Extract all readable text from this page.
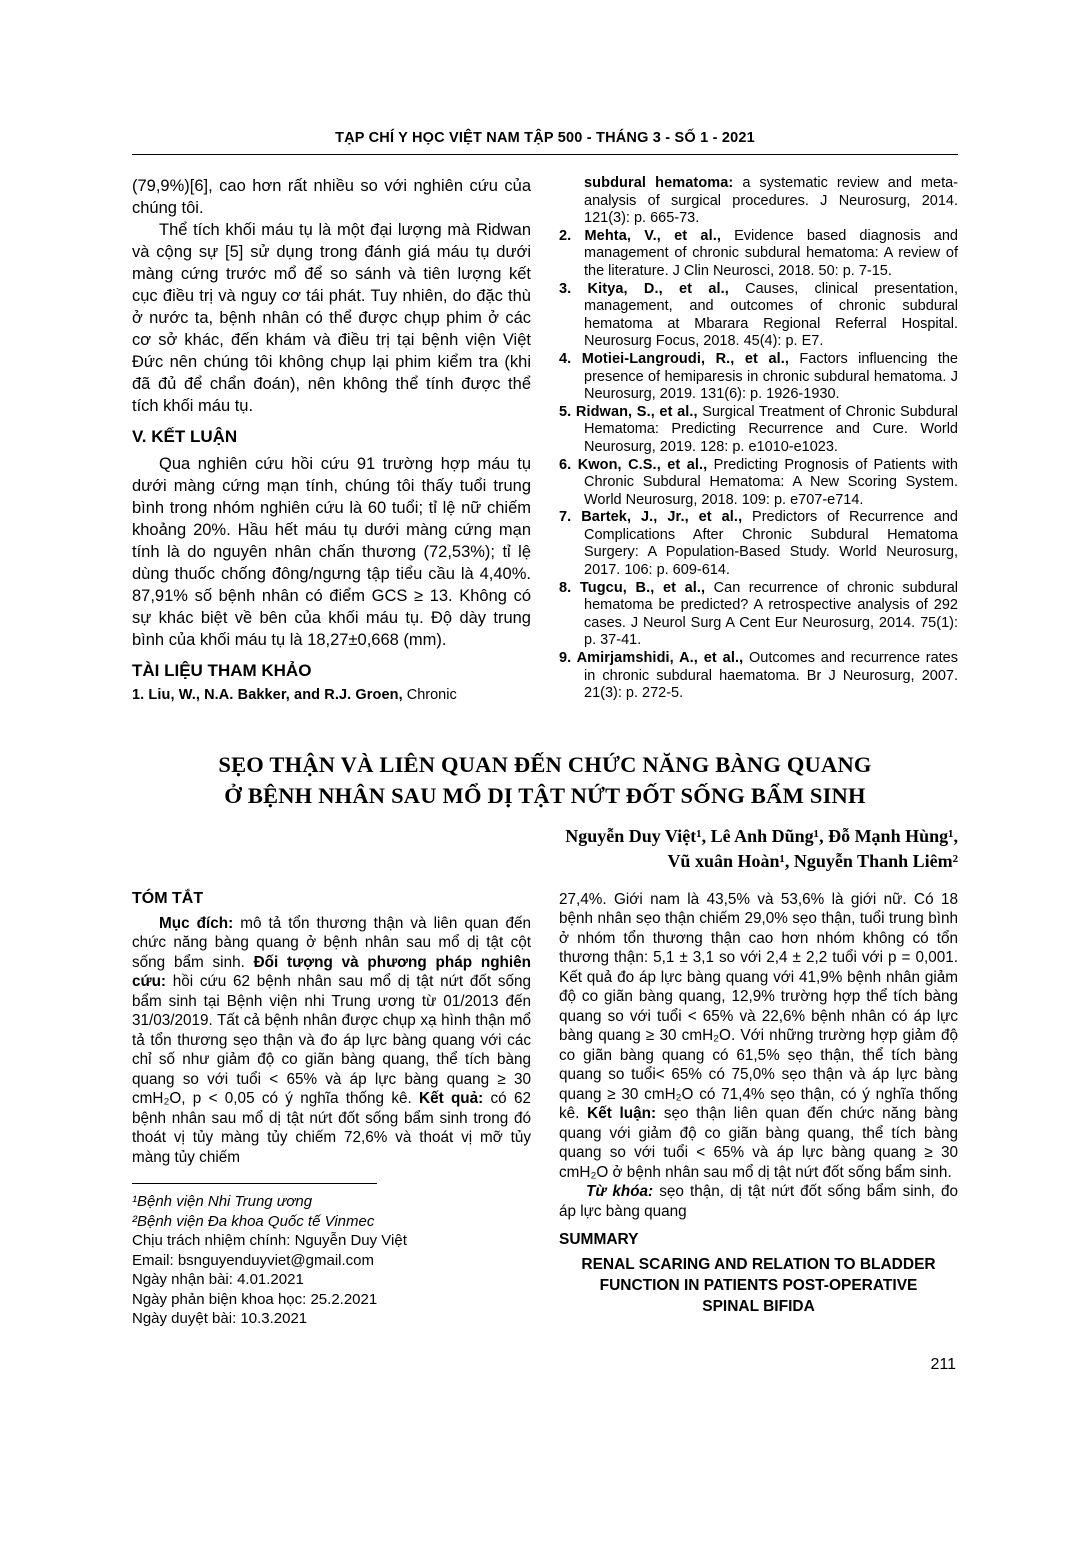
TẠP CHÍ Y HỌC VIỆT NAM TẬP 500 - THÁNG 3 - SỐ 1 - 2021

(79,9%)[6], cao hơn rất nhiều so với nghiên cứu của chúng tôi.

Thể tích khối máu tụ là một đại lượng mà Ridwan và cộng sự [5] sử dụng trong đánh giá máu tụ dưới màng cứng trước mổ để so sánh và tiên lượng kết cục điều trị và nguy cơ tái phát. Tuy nhiên, do đặc thù ở nước ta, bệnh nhân có thể được chụp phim ở các cơ sở khác, đến khám và điều trị tại bệnh viện Việt Đức nên chúng tôi không chụp lại phim kiểm tra (khi đã đủ để chẩn đoán), nên không thể tính được thể tích khối máu tụ.

V. KẾT LUẬN

Qua nghiên cứu hồi cứu 91 trường hợp máu tụ dưới màng cứng mạn tính, chúng tôi thấy tuổi trung bình trong nhóm nghiên cứu là 60 tuổi; tỉ lệ nữ chiếm khoảng 20%. Hầu hết máu tụ dưới màng cứng mạn tính là do nguyên nhân chấn thương (72,53%); tỉ lệ dùng thuốc chống đông/ngưng tập tiểu cầu là 4,40%. 87,91% số bệnh nhân có điểm GCS ≥ 13. Không có sự khác biệt về bên của khối máu tụ. Độ dày trung bình của khối máu tụ là 18,27±0,668 (mm).

TÀI LIỆU THAM KHẢO

1. Liu, W., N.A. Bakker, and R.J. Groen, Chronic

subdural hematoma: a systematic review and meta-analysis of surgical procedures. J Neurosurg, 2014. 121(3): p. 665-73.

2. Mehta, V., et al., Evidence based diagnosis and management of chronic subdural hematoma: A review of the literature. J Clin Neurosci, 2018. 50: p. 7-15.

3. Kitya, D., et al., Causes, clinical presentation, management, and outcomes of chronic subdural hematoma at Mbarara Regional Referral Hospital. Neurosurg Focus, 2018. 45(4): p. E7.

4. Motiei-Langroudi, R., et al., Factors influencing the presence of hemiparesis in chronic subdural hematoma. J Neurosurg, 2019. 131(6): p. 1926-1930.

5. Ridwan, S., et al., Surgical Treatment of Chronic Subdural Hematoma: Predicting Recurrence and Cure. World Neurosurg, 2019. 128: p. e1010-e1023.

6. Kwon, C.S., et al., Predicting Prognosis of Patients with Chronic Subdural Hematoma: A New Scoring System. World Neurosurg, 2018. 109: p. e707-e714.

7. Bartek, J., Jr., et al., Predictors of Recurrence and Complications After Chronic Subdural Hematoma Surgery: A Population-Based Study. World Neurosurg, 2017. 106: p. 609-614.

8. Tugcu, B., et al., Can recurrence of chronic subdural hematoma be predicted? A retrospective analysis of 292 cases. J Neurol Surg A Cent Eur Neurosurg, 2014. 75(1): p. 37-41.

9. Amirjamshidi, A., et al., Outcomes and recurrence rates in chronic subdural haematoma. Br J Neurosurg, 2007. 21(3): p. 272-5.

SẸO THẬN VÀ LIÊN QUAN ĐẾN CHỨC NĂNG BÀNG QUANG
Ở BỆNH NHÂN SAU MỔ DỊ TẬT NỨT ĐỐT SỐNG BẨM SINH
Nguyễn Duy Việt¹, Lê Anh Dũng¹, Đỗ Mạnh Hùng¹,
Vũ xuân Hoàn¹, Nguyễn Thanh Liêm²
TÓM TẮT

Mục đích: mô tả tổn thương thận và liên quan đến chức năng bàng quang ở bệnh nhân sau mổ dị tật cột sống bẩm sinh. Đối tượng và phương pháp nghiên cứu: hồi cứu 62 bệnh nhân sau mổ dị tật nứt đốt sống bẩm sinh tại Bệnh viện nhi Trung ương từ 01/2013 đến 31/03/2019. Tất cả bệnh nhân được chụp xạ hình thận mổ tả tổn thương sẹo thận và đo áp lực bàng quang với các chỉ số như giảm độ co giãn bàng quang, thể tích bàng quang so với tuổi < 65% và áp lực bàng quang ≥ 30 cmH₂O, p < 0,05 có ý nghĩa thống kê. Kết quả: có 62 bệnh nhân sau mổ dị tật nứt đốt sống bẩm sinh trong đó thoát vị tủy màng tủy chiếm 72,6% và thoát vị mỡ tủy màng tủy chiếm

¹Bệnh viện Nhi Trung ương

²Bệnh viện Đa khoa Quốc tế Vinmec

Chịu trách nhiệm chính: Nguyễn Duy Việt

Email: bsnguyenduyviet@gmail.com

Ngày nhận bài: 4.01.2021

Ngày phản biện khoa học: 25.2.2021

Ngày duyệt bài: 10.3.2021

27,4%. Giới nam là 43,5% và 53,6% là giới nữ. Có 18 bệnh nhân sẹo thận chiếm 29,0% sẹo thận, tuổi trung bình ở nhóm tổn thương thận cao hơn nhóm không có tổn thương thận: 5,1 ± 3,1 so với 2,4 ± 2,2 tuổi với p = 0,001. Kết quả đo áp lực bàng quang với 41,9% bệnh nhân giảm độ co giãn bàng quang, 12,9% trường hợp thể tích bàng quang so với tuổi < 65% và 22,6% bệnh nhân có áp lực bàng quang ≥ 30 cmH₂O. Với những trường hợp giảm độ co giãn bàng quang có 61,5% sẹo thận, thể tích bàng quang so tuổi< 65% có 75,0% sẹo thận và áp lực bàng quang ≥ 30 cmH₂O có 71,4% sẹo thận, có ý nghĩa thống kê. Kết luận: sẹo thận liên quan đến chức năng bàng quang với giảm độ co giãn bàng quang, thể tích bàng quang so với tuổi < 65% và áp lực bàng quang ≥ 30 cmH₂O ở bệnh nhân sau mổ dị tật nứt đốt sống bẩm sinh.

Từ khóa: sẹo thận, dị tật nứt đốt sống bẩm sinh, đo áp lực bàng quang

SUMMARY
RENAL SCARING AND RELATION TO BLADDER FUNCTION IN PATIENTS POST-OPERATIVE SPINAL BIFIDA
211
